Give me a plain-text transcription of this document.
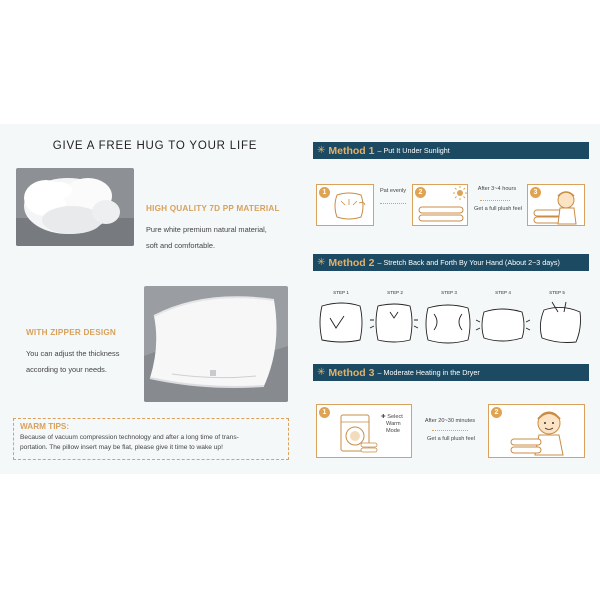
GIVE A FREE HUG TO YOUR LIFE
HIGH QUALITY 7D PP MATERIAL
Pure white premium natural material,
soft and comfortable.
WITH ZIPPER DESIGN
You can adjust the thickness
according to your needs.
WARM TIPS:
Because of vacuum compression technology and after a long time of trans-
portation. The pillow insert may be flat, please give it time to wake up!
✳ Method 1 – Put It Under Sunlight
1	Pat evenly	2	After 3~4 hours
Get a full plush feel
3
✳ Method 2 – Stretch Back and Forth By Your Hand (About 2~3 days)
STEP 1	STEP 2	STEP 3	STEP 4	STEP 5
✳ Method 3 – Moderate Heating in the Dryer
1
✚ Select
Warm
Mode
After 20~30 minutes
Get a full plush feel
2
